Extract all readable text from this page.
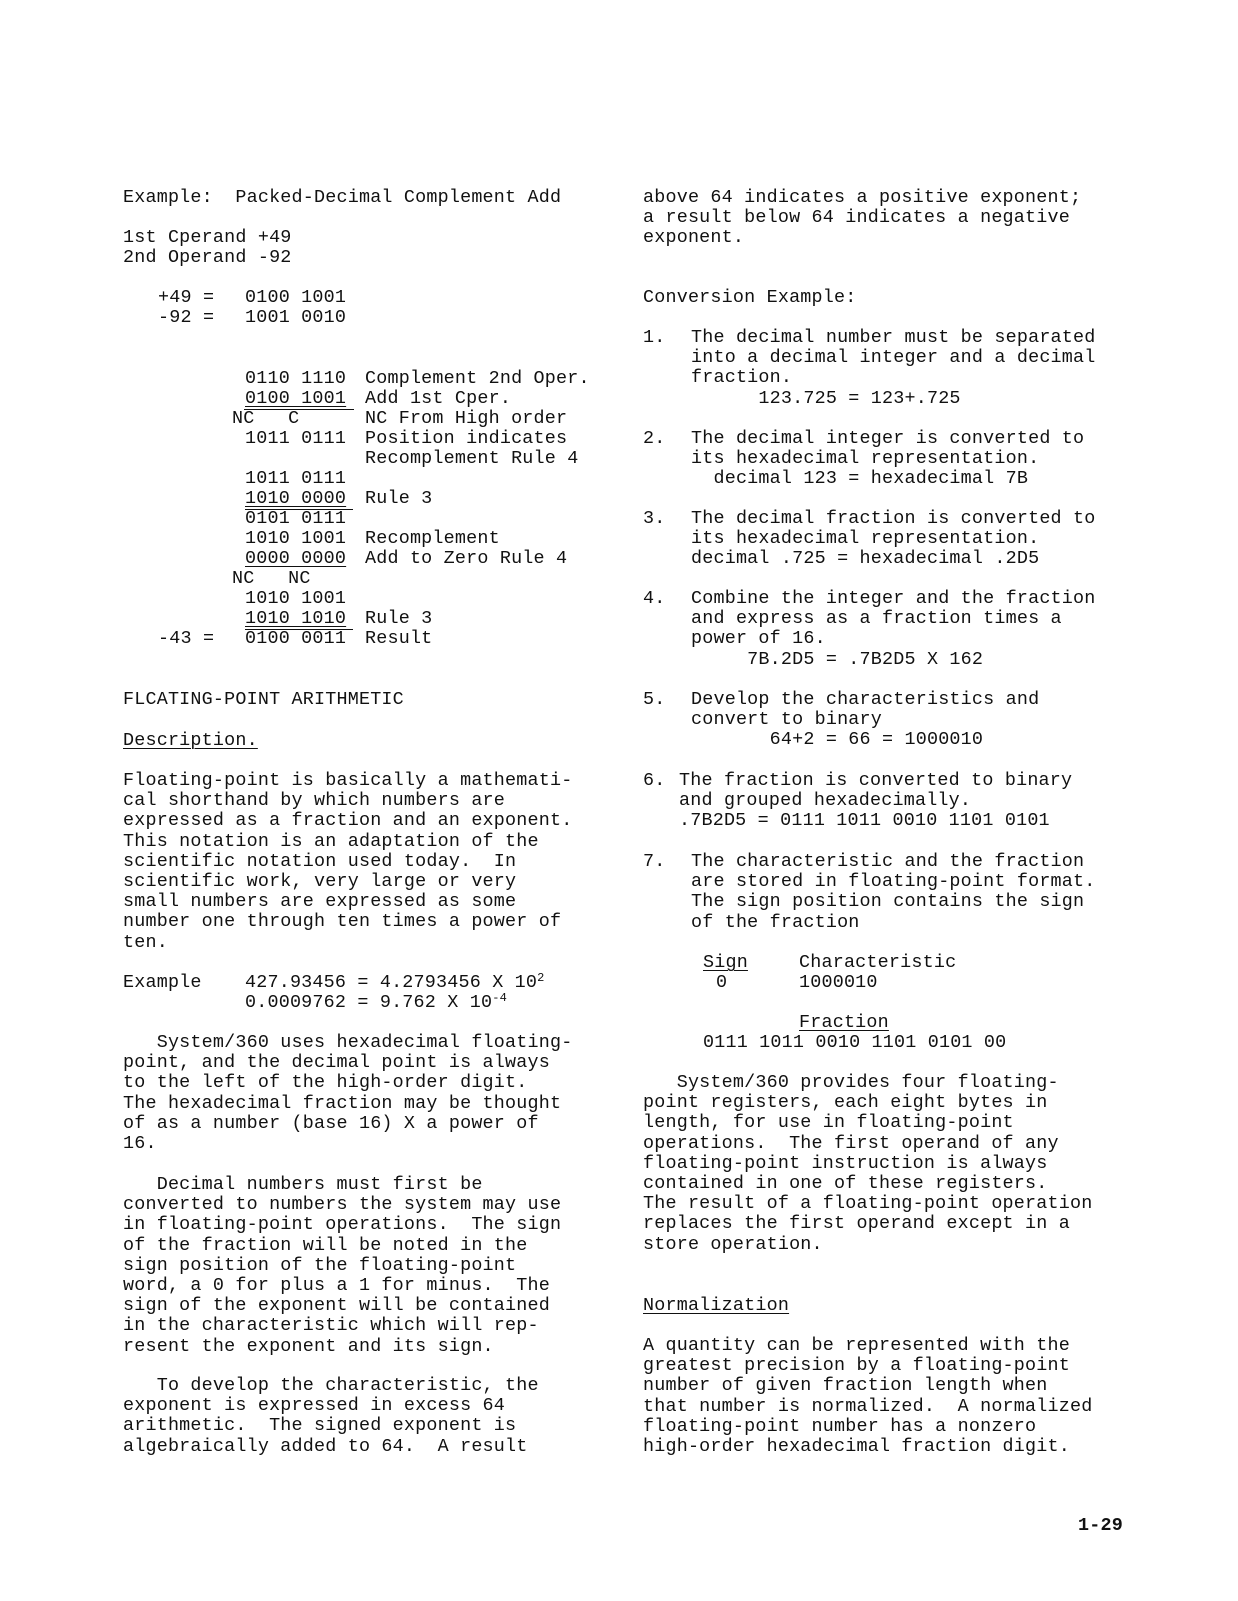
Example:  Packed-Decimal Complement Add
1st Cperand +49
2nd Operand -92
+49 = 0100 1001
-92 = 1001 0010
0110 1110 Complement 2nd Oper.
0100 1001 Add 1st Cper.
NC   C	NC From High order
1011 0111 Position indicates
Recomplement Rule 4
1011 0111
1010 0000 Rule 3
0101 0111
1010 1001 Recomplement
0000 0000 Add to Zero Rule 4
NC   NC
1010 1001
1010 1010 Rule 3
-43 = 0100 0011 Result
FLCATING-POINT ARITHMETIC
Description.
Floating-point is basically a mathemati-
cal shorthand by which numbers are
expressed as a fraction and an exponent.
This notation is an adaptation of the
scientific notation used today.  In
scientific work, very large or very
small numbers are expressed as some
number one through ten times a power of
ten.
Example 427.93456 = 4.2793456 X $10^2$
0.0009762 = 9.762 X $10^{-4}$
System/360 uses hexadecimal floating-
point, and the decimal point is always
to the left of the high-order digit.
The hexadecimal fraction may be thought
of as a number (base 16) X a power of
16.
Decimal numbers must first be
converted to numbers the system may use
in floating-point operations.  The sign
of the fraction will be noted in the
sign position of the floating-point
word, a 0 for plus a 1 for minus.  The
sign of the exponent will be contained
in the characteristic which will rep-
resent the exponent and its sign.
To develop the characteristic, the
exponent is expressed in excess 64
arithmetic.  The signed exponent is
algebraically added to 64.  A result
above 64 indicates a positive exponent;
a result below 64 indicates a negative
exponent.
Conversion Example:
1. The decimal number must be separated
into a decimal integer and a decimal
fraction.
123.725 = 123+.725
2. The decimal integer is converted to
its hexadecimal representation.
decimal 123 = hexadecimal 7B
3. The decimal fraction is converted to
its hexadecimal representation.
decimal .725 = hexadecimal .2D5
4. Combine the integer and the fraction
and express as a fraction times a
power of 16.
7B.2D5 = .7B2D5 X 162
5. Develop the characteristics and
convert to binary
64+2 = 66 = 1000010
6. The fraction is converted to binary
and grouped hexadecimally.
.7B2D5 = 0111 1011 0010 1101 0101
7. The characteristic and the fraction
are stored in floating-point format.
The sign position contains the sign
of the fraction
Sign
0
Characteristic
1000010
Fraction
0111 1011 0010 1101 0101 00
System/360 provides four floating-
point registers, each eight bytes in
length, for use in floating-point
operations.  The first operand of any
floating-point instruction is always
contained in one of these registers.
The result of a floating-point operation
replaces the first operand except in a
store operation.
Normalization
A quantity can be represented with the
greatest precision by a floating-point
number of given fraction length when
that number is normalized.  A normalized
floating-point number has a nonzero
high-order hexadecimal fraction digit.
1-29
